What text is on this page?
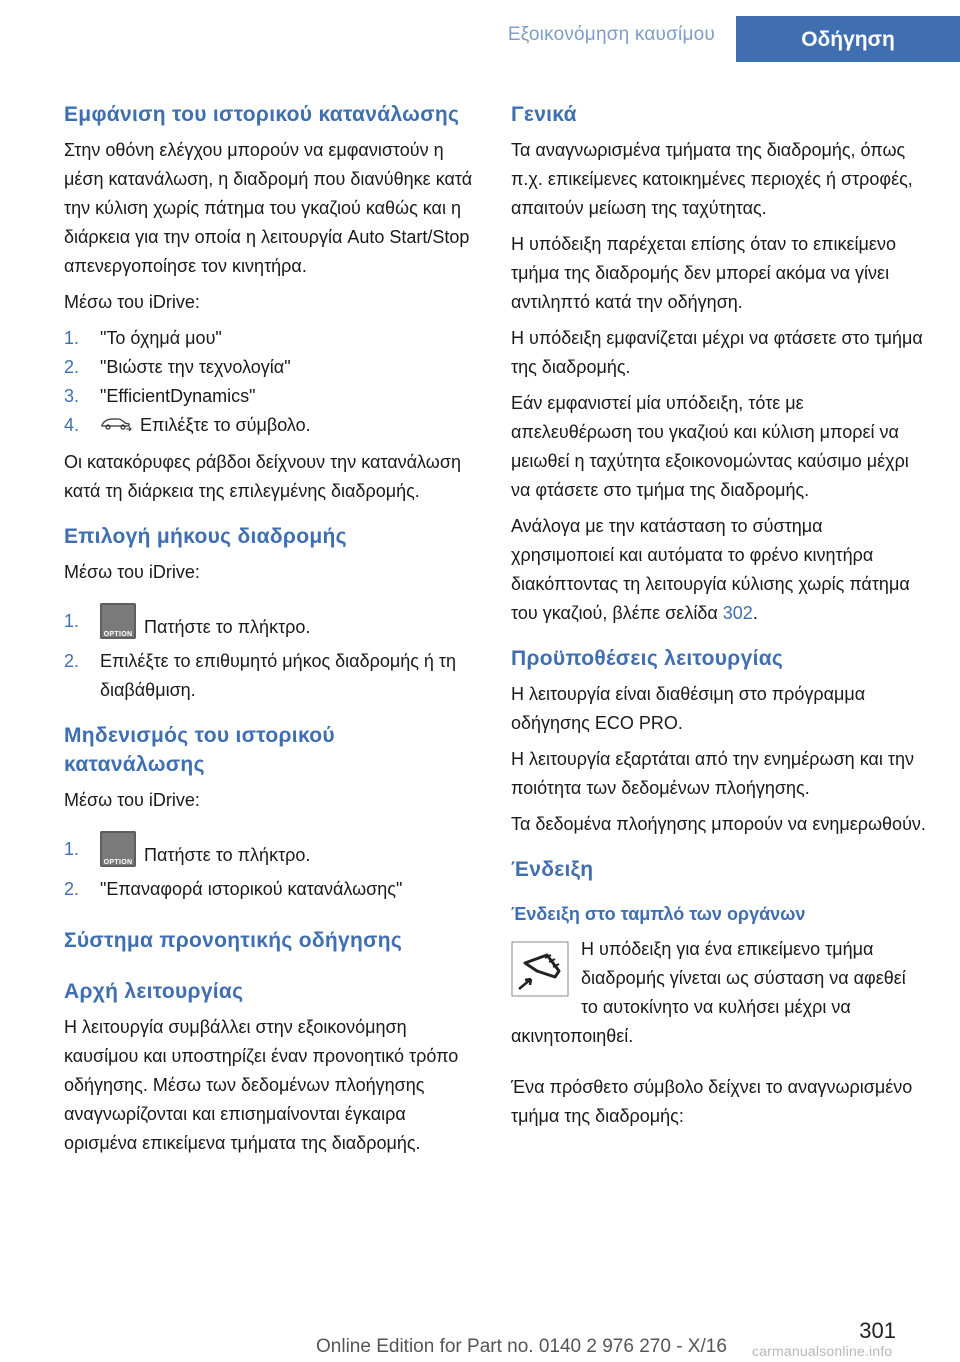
Εξοικονόμηση καυσίμου	Οδήγηση
Εμφάνιση του ιστορικού κατανάλωσης

Στην οθόνη ελέγχου μπορούν να εμφανιστούν η μέση κατανάλωση, η διαδρομή που διανύθηκε κατά την κύλιση χωρίς πάτημα του γκαζιού καθώς και η διάρκεια για την οποία η λειτουργία Auto Start/Stop απενεργοποίησε τον κινητήρα.

Μέσω του iDrive:

1. "Το όχημά μου"
2. "Βιώστε την τεχνολογία"
3. "EfficientDynamics"
4.	Επιλέξτε το σύμβολο.

Οι κατακόρυφες ράβδοι δείχνουν την κατανάλωση κατά τη διάρκεια της επιλεγμένης διαδρομής.

Επιλογή μήκους διαδρομής

Μέσω του iDrive:

1.
OPTION Πατήστε το πλήκτρο.
2. Επιλέξτε το επιθυμητό μήκος διαδρομής ή τη διαβάθμιση.
Μηδενισμός του ιστορικού κατανάλωσης

Μέσω του iDrive:

1.
OPTION Πατήστε το πλήκτρο.
2. "Επαναφορά ιστορικού κατανάλωσης"
Σύστημα προνοητικής οδήγησης
Αρχή λειτουργίας

Η λειτουργία συμβάλλει στην εξοικονόμηση καυσίμου και υποστηρίζει έναν προνοητικό τρόπο οδήγησης. Μέσω των δεδομένων πλοήγησης αναγνωρίζονται και επισημαίνονται έγκαιρα ορισμένα επικείμενα τμήματα της διαδρομής.

Γενικά

Τα αναγνωρισμένα τμήματα της διαδρομής, όπως π.χ. επικείμενες κατοικημένες περιοχές ή στροφές, απαιτούν μείωση της ταχύτητας.

Η υπόδειξη παρέχεται επίσης όταν το επικείμενο τμήμα της διαδρομής δεν μπορεί ακόμα να γίνει αντιληπτό κατά την οδήγηση.

Η υπόδειξη εμφανίζεται μέχρι να φτάσετε στο τμήμα της διαδρομής.

Εάν εμφανιστεί μία υπόδειξη, τότε με απελευθέρωση του γκαζιού και κύλιση μπορεί να μειωθεί η ταχύτητα εξοικονομώντας καύσιμο μέχρι να φτάσετε στο τμήμα της διαδρομής.

Ανάλογα με την κατάσταση το σύστημα χρησιμοποιεί και αυτόματα το φρένο κινητήρα διακόπτοντας τη λειτουργία κύλισης χωρίς πάτημα του γκαζιού, βλέπε σελίδα 302.

Προϋποθέσεις λειτουργίας

Η λειτουργία είναι διαθέσιμη στο πρόγραμμα οδήγησης ECO PRO.

Η λειτουργία εξαρτάται από την ενημέρωση και την ποιότητα των δεδομένων πλοήγησης.

Τα δεδομένα πλοήγησης μπορούν να ενημερωθούν.

Ένδειξη
Ένδειξη στο ταμπλό των οργάνων

Η υπόδειξη για ένα επικείμενο τμήμα διαδρομής γίνεται ως σύσταση να αφεθεί το αυτοκίνητο να κυλήσει μέχρι να ακινητοποιηθεί.

Ένα πρόσθετο σύμβολο δείχνει το αναγνωρισμένο τμήμα της διαδρομής:

Online Edition for Part no. 0140 2 976 270 - X/16
301
carmanualsonline.info
